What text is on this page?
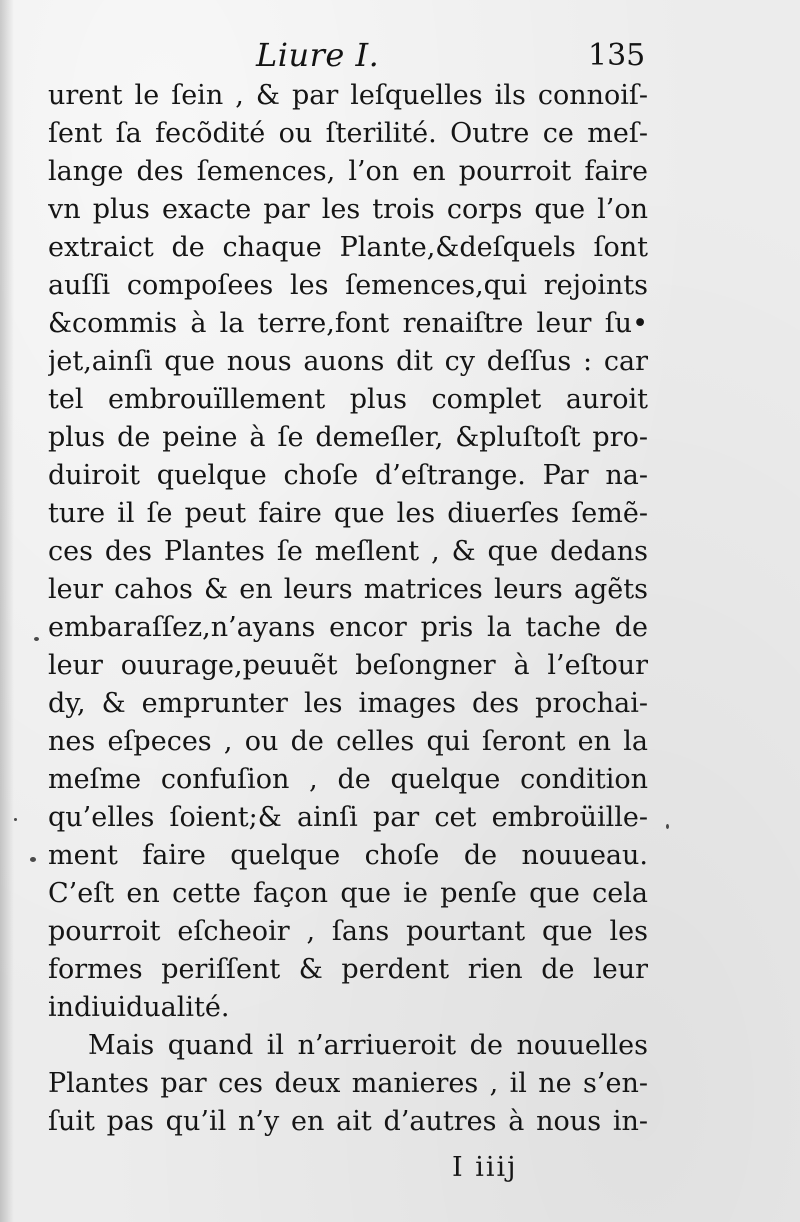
Liure I.	135
urent le ſein , & par leſquelles ils connoiſ-
ſent ſa fecõdité ou ſterilité. Outre ce meſ-
lange des ſemences, l’on en pourroit faire
vn plus exacte par les trois corps que l’on
extraict de chaque Plante,&deſquels ſont
auſſi compoſees les ſemences,qui rejoints
&commis à la terre,font renaiſtre leur ſu•
jet,ainſi que nous auons dit cy deſſus : car
tel embrouïllement plus complet auroit
plus de peine à ſe demeſler, &pluſtoſt pro-
duiroit quelque choſe d’eſtrange. Par na-
ture il ſe peut faire que les diuerſes ſemẽ-
ces des Plantes ſe meſlent , & que dedans
leur cahos & en leurs matrices leurs agẽts
embaraſſez,n’ayans encor pris la tache de
leur ouurage,peuuẽt beſongner à l’eſtour
dy, & emprunter les images des prochai-
nes eſpeces , ou de celles qui ſeront en la
meſme confuſion , de quelque condition
qu’elles ſoient;& ainſi par cet embroüille-
ment faire quelque choſe de nouueau.
C’eſt en cette façon que ie penſe que cela
pourroit eſcheoir , ſans pourtant que les
formes periſſent & perdent rien de leur
indiuidualité.
Mais quand il n’arriueroit de nouuelles
Plantes par ces deux manieres , il ne s’en-
ſuit pas qu’il n’y en ait d’autres à nous in-
I iiij
